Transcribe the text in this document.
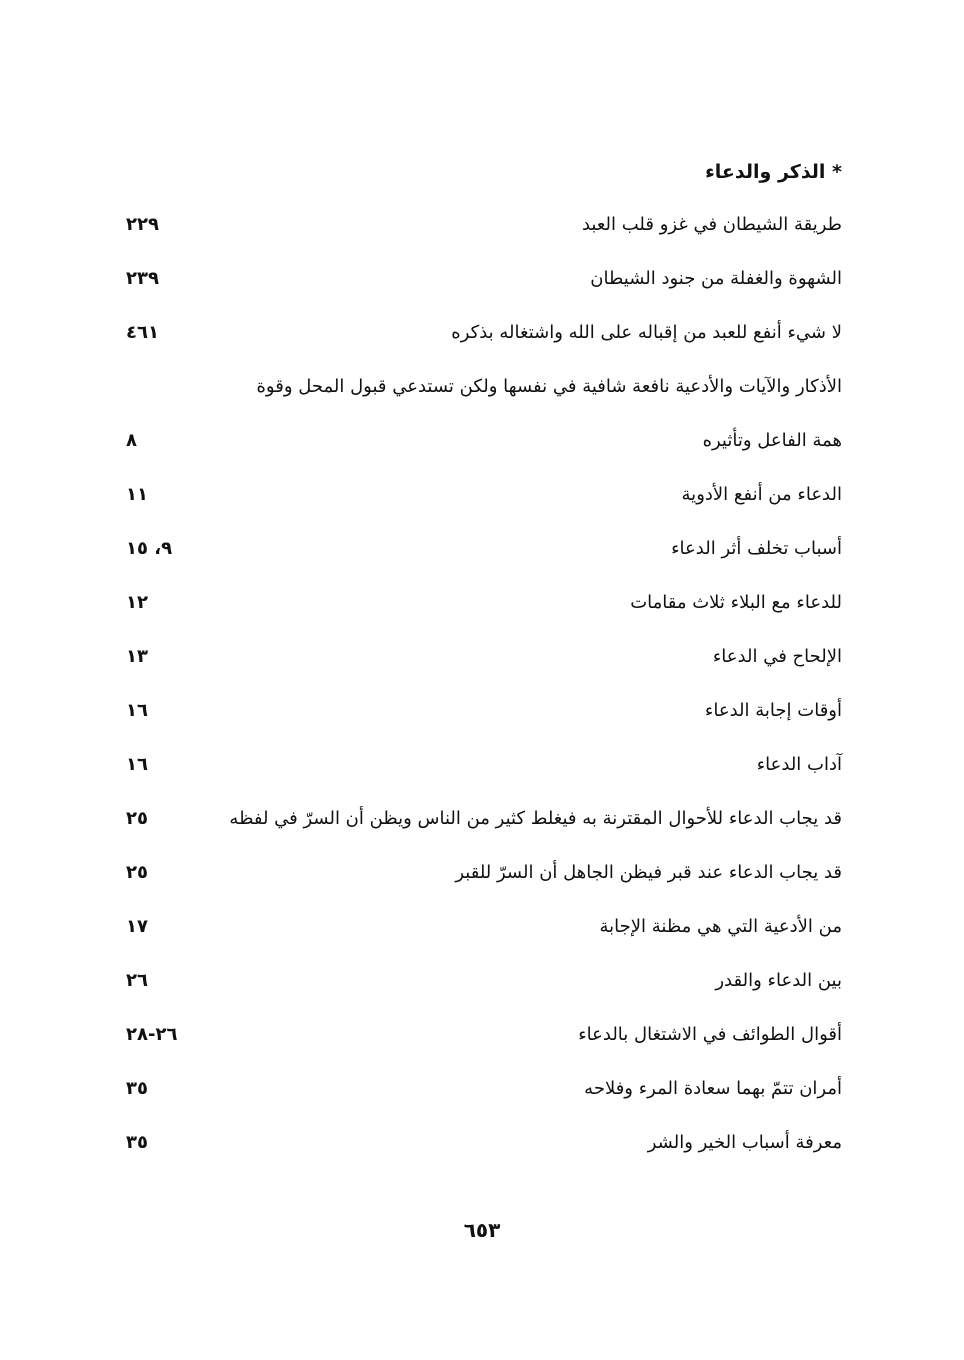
* الذكر والدعاء
طريقة الشيطان في غزو قلب العبد
٢٢٩
الشهوة والغفلة من جنود الشيطان
٢٣٩
لا شيء أنفع للعبد من إقباله على الله واشتغاله بذكره
٤٦١
الأذكار والآيات والأدعية نافعة شافية في نفسها ولكن تستدعي قبول المحل وقوة
همة الفاعل وتأثيره
٨
الدعاء من أنفع الأدوية
١١
أسباب تخلف أثر الدعاء
٩، ١٥
للدعاء مع البلاء ثلاث مقامات
١٢
الإلحاح في الدعاء
١٣
أوقات إجابة الدعاء
١٦
آداب الدعاء
١٦
قد يجاب الدعاء للأحوال المقترنة به فيغلط كثير من الناس ويظن أن السرّ في لفظه
٢٥
قد يجاب الدعاء عند قبر فيظن الجاهل أن السرّ للقبر
٢٥
من الأدعية التي هي مظنة الإجابة
١٧
بين الدعاء والقدر
٢٦
أقوال الطوائف في الاشتغال بالدعاء
٢٦-٢٨
أمران تتمّ بهما سعادة المرء وفلاحه
٣٥
معرفة أسباب الخير والشر
٣٥
٦٥٣
